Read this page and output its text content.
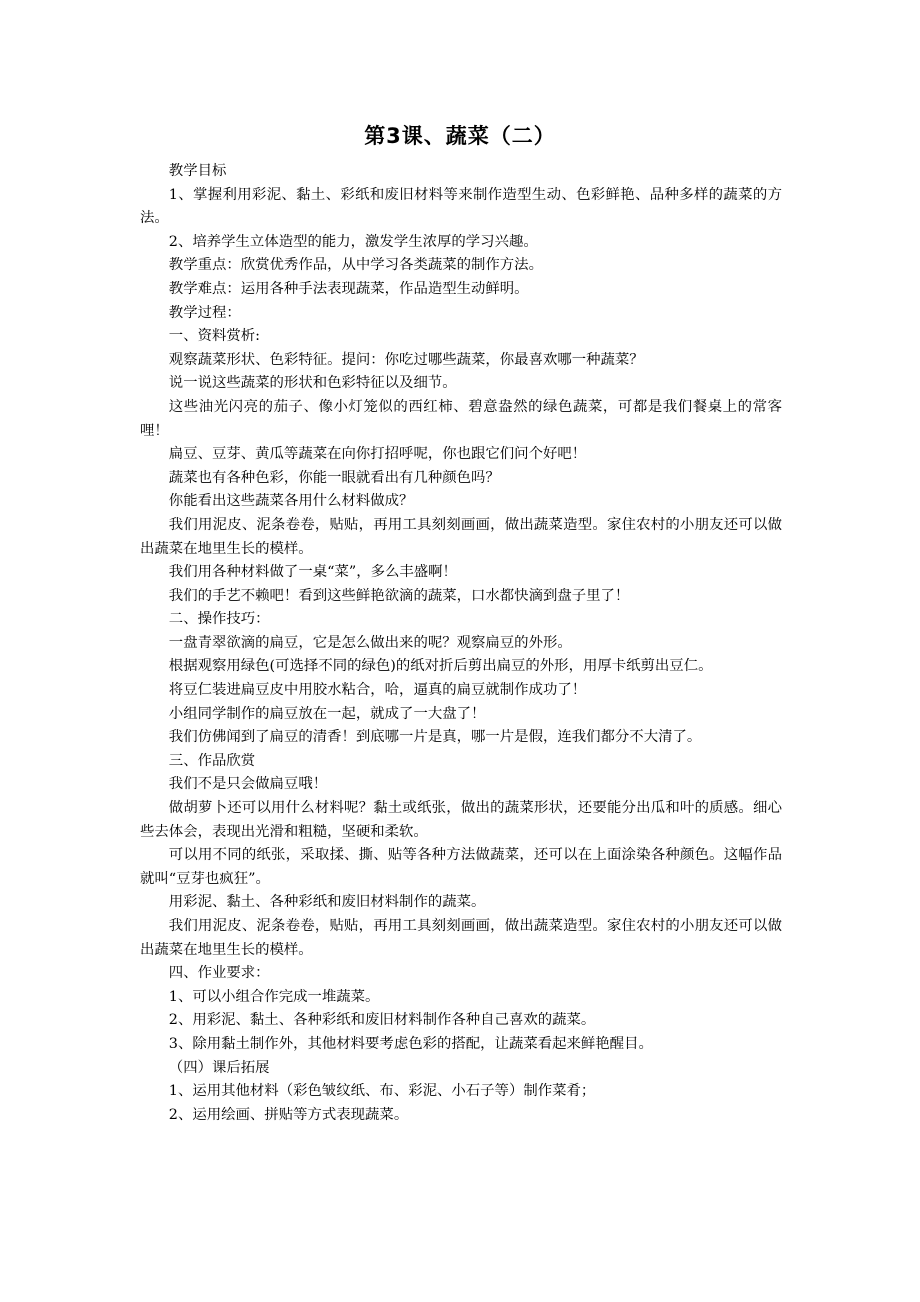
第3课、蔬菜（二）

教学目标

1、掌握利用彩泥、黏土、彩纸和废旧材料等来制作造型生动、色彩鲜艳、品种多样的蔬菜的方法。

2、培养学生立体造型的能力，激发学生浓厚的学习兴趣。

教学重点：欣赏优秀作品，从中学习各类蔬菜的制作方法。

教学难点：运用各种手法表现蔬菜，作品造型生动鲜明。

教学过程：

一、资料赏析:

观察蔬菜形状、色彩特征。提问：你吃过哪些蔬菜，你最喜欢哪一种蔬菜？

说一说这些蔬菜的形状和色彩特征以及细节。

这些油光闪亮的茄子、像小灯笼似的西红柿、碧意盎然的绿色蔬菜，可都是我们餐桌上的常客哩！

扁豆、豆芽、黄瓜等蔬菜在向你打招呼呢，你也跟它们问个好吧！

蔬菜也有各种色彩，你能一眼就看出有几种颜色吗？

你能看出这些蔬菜各用什么材料做成？

我们用泥皮、泥条卷卷，贴贴，再用工具刻刻画画，做出蔬菜造型。家住农村的小朋友还可以做出蔬菜在地里生长的模样。

我们用各种材料做了一桌“菜”，多么丰盛啊！

我们的手艺不赖吧！看到这些鲜艳欲滴的蔬菜，口水都快滴到盘子里了！

二、操作技巧：

一盘青翠欲滴的扁豆，它是怎么做出来的呢？观察扁豆的外形。

根据观察用绿色(可选择不同的绿色)的纸对折后剪出扁豆的外形，用厚卡纸剪出豆仁。

将豆仁装进扁豆皮中用胶水粘合，哈，逼真的扁豆就制作成功了！

小组同学制作的扁豆放在一起，就成了一大盘了！

我们仿佛闻到了扁豆的清香！到底哪一片是真，哪一片是假，连我们都分不大清了。

三、作品欣赏

我们不是只会做扁豆哦！

做胡萝卜还可以用什么材料呢？黏土或纸张，做出的蔬菜形状，还要能分出瓜和叶的质感。细心些去体会，表现出光滑和粗糙，坚硬和柔软。

可以用不同的纸张，采取揉、撕、贴等各种方法做蔬菜，还可以在上面涂染各种颜色。这幅作品就叫“豆芽也疯狂”。

用彩泥、黏土、各种彩纸和废旧材料制作的蔬菜。

我们用泥皮、泥条卷卷，贴贴，再用工具刻刻画画，做出蔬菜造型。家住农村的小朋友还可以做出蔬菜在地里生长的模样。

四、作业要求：

1、可以小组合作完成一堆蔬菜。

2、用彩泥、黏土、各种彩纸和废旧材料制作各种自己喜欢的蔬菜。

3、除用黏土制作外，其他材料要考虑色彩的搭配，让蔬菜看起来鲜艳醒目。

（四）课后拓展

1、运用其他材料（彩色皱纹纸、布、彩泥、小石子等）制作菜肴；

2、运用绘画、拼贴等方式表现蔬菜。
